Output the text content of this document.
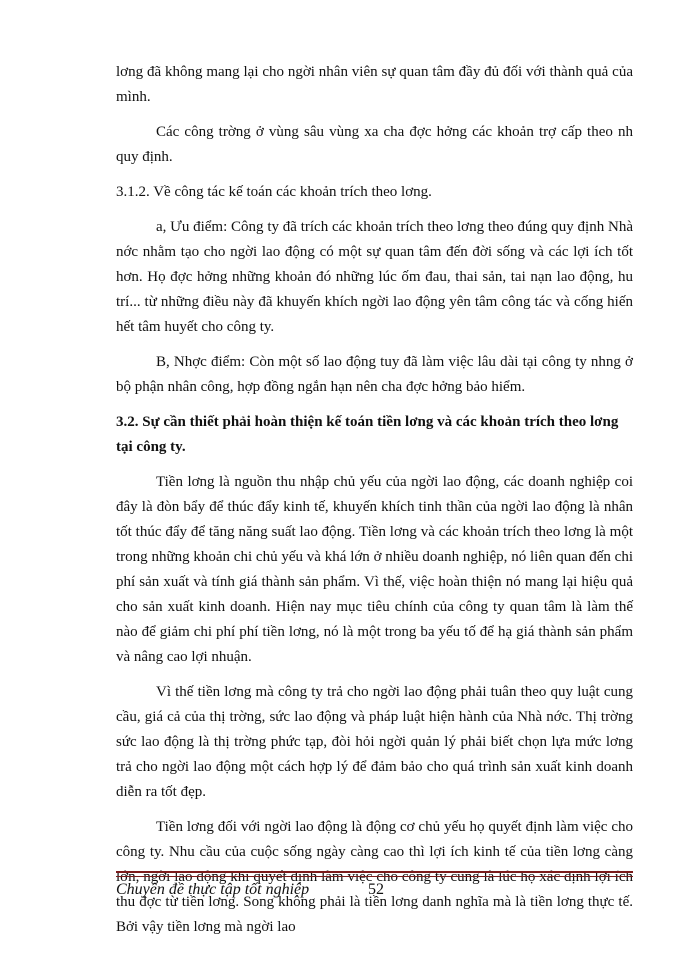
lơng đã không mang lại cho ngời nhân viên sự quan tâm đầy đủ đối với thành quả của mình.

Các công trờng ở vùng sâu vùng xa cha đợc hởng các khoản trợ cấp theo nh quy định.

3.1.2. Về công tác kế toán các khoản trích theo lơng.

a, Ưu điểm: Công ty đã trích các khoản trích theo lơng theo đúng quy định Nhà nớc nhằm tạo cho ngời lao động có một sự quan tâm đến đời sống và các lợi ích tốt hơn. Họ đợc hởng những khoản đó những lúc ốm đau, thai sản, tai nạn lao động, hu trí... từ những điều này đã khuyến khích ngời lao động yên tâm công tác và cống hiến hết tâm huyết cho công ty.

B, Nhợc điểm: Còn một số lao động tuy đã làm việc lâu dài tại công ty nhng ở bộ phận nhân công, hợp đồng ngắn hạn nên cha đợc hởng bảo hiểm.

3.2. Sự cần thiết phải hoàn thiện kế toán tiền lơng và các khoản trích theo lơng tại công ty.

Tiền lơng là nguồn thu nhập chủ yếu của ngời lao động, các doanh nghiệp coi đây là đòn bẩy để thúc đẩy kinh tế, khuyến khích tinh thần của ngời lao động là nhân tốt thúc đẩy để tăng năng suất lao động. Tiền lơng và các khoản trích theo lơng là một trong những khoản chi chủ yếu và khá lớn ở nhiều doanh nghiệp, nó liên quan đến chi phí sản xuất và tính giá thành sản phẩm. Vì thế, việc hoàn thiện nó mang lại hiệu quả cho sản xuất kinh doanh. Hiện nay mục tiêu chính của công ty quan tâm là làm thế nào để giảm chi phí phí tiền lơng, nó là một trong ba yếu tố để hạ giá thành sản phẩm và nâng cao lợi nhuận.

Vì thế tiền lơng mà công ty trả cho ngời lao động phải tuân theo quy luật cung cầu, giá cả của thị trờng, sức lao động và pháp luật hiện hành của Nhà nớc. Thị trờng sức lao động là thị trờng phức tạp, đòi hỏi ngời quản lý phải biết chọn lựa mức lơng trả cho ngời lao động một cách hợp lý để đảm bảo cho quá trình sản xuất kinh doanh diễn ra tốt đẹp.

Tiền lơng đối với ngời lao động là động cơ chủ yếu họ quyết định làm việc cho công ty. Nhu cầu của cuộc sống ngày càng cao thì lợi ích kinh tế của tiền lơng càng lớn, ngời lao động khi quyết định làm việc cho công ty cũng là lúc họ xác định lợi ích thu đợc từ tiền lơng. Song không phải là tiền lơng danh nghĩa mà là tiền lơng thực tế. Bởi vậy tiền lơng mà ngời lao

Chuyên đề thực tập tốt nghiệp	52
